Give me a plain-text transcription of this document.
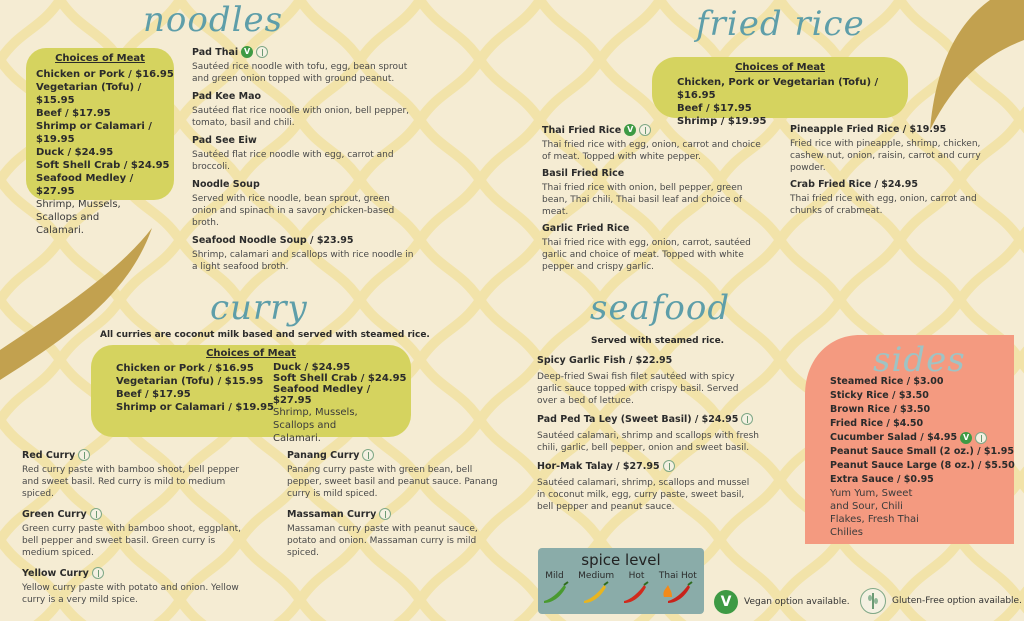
noodles
Choices of Meat
Chicken or Pork / $16.95
Vegetarian (Tofu) / $15.95
Beef / $17.95
Shrimp or Calamari / $19.95
Duck / $24.95
Soft Shell Crab / $24.95
Seafood Medley / $27.95
Shrimp, Mussels,
Scallops and
Calamari.
Pad Thai V
Sautéed rice noodle with tofu, egg, bean sprout and green onion topped with ground peanut.
Pad Kee Mao
Sautéed flat rice noodle with onion, bell pepper, tomato, basil and chili.
Pad See Eiw
Sautéed flat rice noodle with egg, carrot and broccoli.
Noodle Soup
Served with rice noodle, bean sprout, green onion and spinach in a savory chicken-based broth.
Seafood Noodle Soup / $23.95
Shrimp, calamari and scallops with rice noodle in a light seafood broth.
fried rice
Choices of Meat
Chicken, Pork or Vegetarian (Tofu) / $16.95
Beef / $17.95
Shrimp / $19.95
Thai Fried Rice V
Thai fried rice with egg, onion, carrot and choice of meat. Topped with white pepper.
Basil Fried Rice
Thai fried rice with onion, bell pepper, green bean, Thai chili, Thai basil leaf and choice of meat.
Garlic Fried Rice
Thai fried rice with egg, onion, carrot, sautéed garlic and choice of meat. Topped with white pepper and crispy garlic.
Pineapple Fried Rice / $19.95
Fried rice with pineapple, shrimp, chicken, cashew nut, onion, raisin, carrot and curry powder.
Crab Fried Rice / $24.95
Thai fried rice with egg, onion, carrot and chunks of crabmeat.
curry
All curries are coconut milk based and served with steamed rice.
Choices of Meat
Chicken or Pork / $16.95
Vegetarian (Tofu) / $15.95
Beef / $17.95
Shrimp or Calamari / $19.95
Duck / $24.95
Soft Shell Crab / $24.95
Seafood Medley / $27.95
Shrimp, Mussels,
Scallops and
Calamari.
Red Curry
Red curry paste with bamboo shoot, bell pepper and sweet basil. Red curry is mild to medium spiced.
Green Curry
Green curry paste with bamboo shoot, eggplant, bell pepper and sweet basil. Green curry is medium spiced.
Yellow Curry
Yellow curry paste with potato and onion. Yellow curry is a very mild spice.
Panang Curry
Panang curry paste with green bean, bell pepper, sweet basil and peanut sauce. Panang curry is mild spiced.
Massaman Curry
Massaman curry paste with peanut sauce, potato and onion. Massaman curry is mild spiced.
seafood
Served with steamed rice.
Spicy Garlic Fish / $22.95
Deep-fried Swai fish filet sautéed with spicy garlic sauce topped with crispy basil. Served over a bed of lettuce.
Pad Ped Ta Ley (Sweet Basil) / $24.95
Sautéed calamari, shrimp and scallops with fresh chili, garlic, bell pepper, onion and sweet basil.
Hor-Mak Talay / $27.95
Sautéed calamari, shrimp, scallops and mussel in coconut milk, egg, curry paste, sweet basil, bell pepper and peanut sauce.
sides
Steamed Rice / $3.00
Sticky Rice / $3.50
Brown Rice / $3.50
Fried Rice / $4.50
Cucumber Salad / $4.95 V
Peanut Sauce Small (2 oz.) / $1.95
Peanut Sauce Large (8 oz.) / $5.50
Extra Sauce / $0.95
Yum Yum, Sweet
and Sour, Chili
Flakes, Fresh Thai
Chilies
spice level
Mild Medium Hot Thai Hot
V	Vegan option available.	Gluten-Free option available.
